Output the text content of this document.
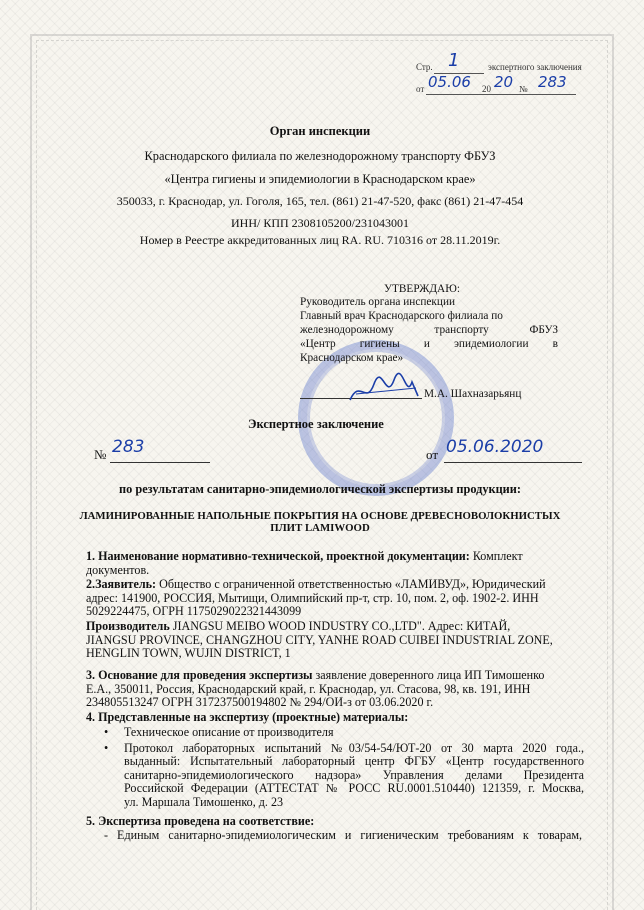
Стр. 1	экспертного заключения
от 05.06 20 20 № 283
Орган инспекции
Краснодарского филиала по железнодорожному транспорту ФБУЗ
«Центра гигиены и эпидемиологии в Краснодарском крае»
350033, г. Краснодар, ул. Гоголя, 165, тел. (861) 21-47-520, факс (861) 21-47-454
ИНН/ КПП 2308105200/231043001
Номер в Реестре аккредитованных лиц RA. RU. 710316 от 28.11.2019г.
УТВЕРЖДАЮ:
Руководитель органа инспекции
Главный врач Краснодарского филиала по
железнодорожному	транспорту	ФБУЗ
«Центр гигиены и эпидемиологии в
Краснодарском крае»
М.А. Шахназарьянц
Экспертное заключение
№ 283	от 05.06.2020
по результатам санитарно-эпидемиологической экспертизы продукции:
ЛАМИНИРОВАННЫЕ НАПОЛЬНЫЕ ПОКРЫТИЯ НА ОСНОВЕ ДРЕВЕСНОВОЛОКНИСТЫХ
ПЛИТ LAMIWOOD
1. Наименование нормативно-технической, проектной документации: Комплект
документов.
2.Заявитель: Общество с ограниченной ответственностью «ЛАМИВУД», Юридический
адрес: 141900, РОССИЯ, Мытищи, Олимпийский пр-т, стр. 10, пом. 2, оф. 1902-2. ИНН
5029224475, ОГРН 1175029022321443099
Производитель JIANGSU MEIBO WOOD INDUSTRY CO.,LTD". Адрес: КИТАЙ,
JIANGSU PROVINCE, CHANGZHOU CITY, YANHE ROAD CUIBEI INDUSTRIAL ZONE,
HENGLIN TOWN, WUJIN DISTRICT, 1
3. Основание для проведения экспертизы заявление доверенного лица ИП Тимошенко
Е.А., 350011, Россия, Краснодарский край, г. Краснодар, ул. Стасова, 98, кв. 191, ИНН
234805513247 ОГРН 317237500194802 № 294/ОИ-з от 03.06.2020 г.
4. Представленные на экспертизу (проектные) материалы:
• Техническое описание от производителя
• Протокол лабораторных испытаний №03/54-54/ЮТ-20 от 30 марта 2020 года.,
выданный: Испытательный лабораторный центр ФГБУ «Центр государственного
санитарно-эпидемиологического надзора» Управления делами Президента
Российской Федерации (АТТЕСТАТ № РОСС RU.0001.510440) 121359, г. Москва,
ул. Маршала Тимошенко, д. 23
5. Экспертиза проведена на соответствие:
- Единым санитарно-эпидемиологическим и гигиеническим требованиям к товарам,
